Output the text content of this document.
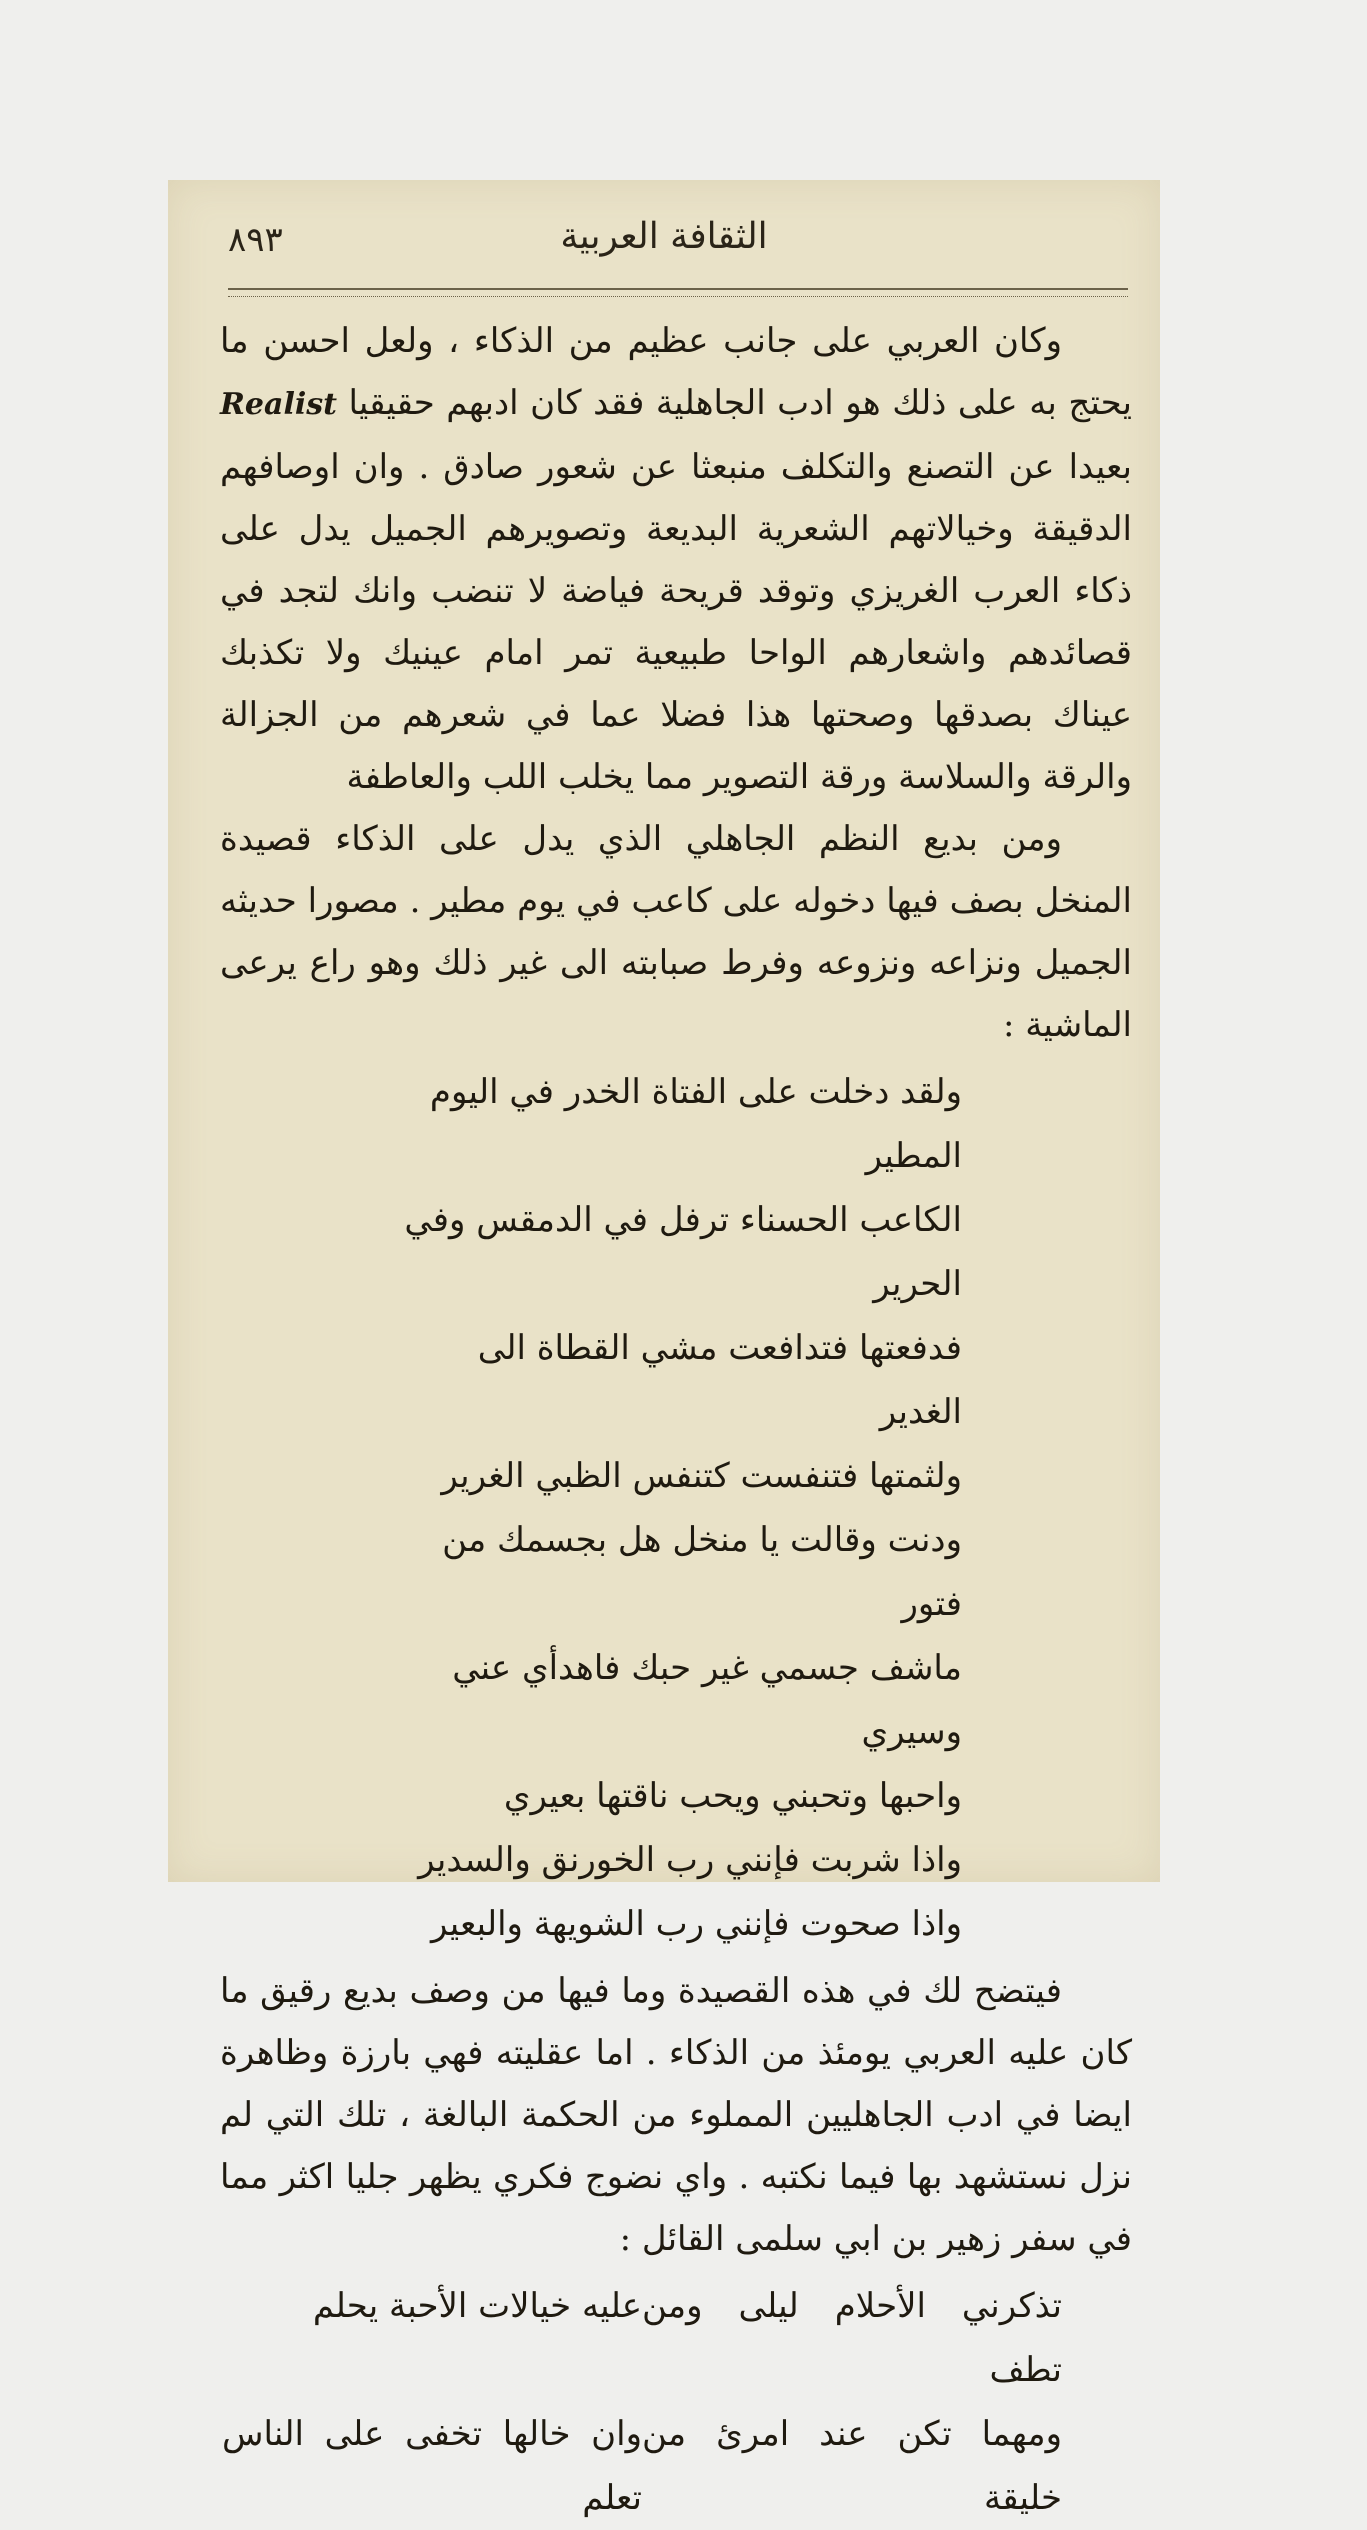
الثقافة العربية
٨٩٣

وكان العربي على جانب عظيم من الذكاء ، ولعل احسن ما يحتج به على ذلك هو ادب الجاهلية فقد كان ادبهم حقيقيا Realist بعيدا عن التصنع والتكلف منبعثا عن شعور صادق . وان اوصافهم الدقيقة وخيالاتهم الشعرية البديعة وتصويرهم الجميل يدل على ذكاء العرب الغريزي وتوقد قريحة فياضة لا تنضب وانك لتجد في قصائدهم واشعارهم الواحا طبيعية تمر امام عينيك ولا تكذبك عيناك بصدقها وصحتها هذا فضلا عما في شعرهم من الجزالة والرقة والسلاسة ورقة التصوير مما يخلب اللب والعاطفة

ومن بديع النظم الجاهلي الذي يدل على الذكاء قصيدة المنخل بصف فيها دخوله على كاعب في يوم مطير . مصورا حديثه الجميل ونزاعه ونزوعه وفرط صبابته الى غير ذلك وهو راع يرعى الماشية :

ولقد دخلت على الفتاة الخدر في اليوم المطير
الكاعب الحسناء ترفل في الدمقس وفي الحرير
فدفعتها فتدافعت مشي القطاة الى الغدير
ولثمتها فتنفست كتنفس الظبي الغرير
ودنت وقالت يا منخل هل بجسمك من فتور
ماشف جسمي غير حبك فاهدأي عني وسيري
واحبها وتحبني ويحب ناقتها بعيري
واذا شربت فإنني رب الخورنق والسدير
واذا صحوت فإنني رب الشويهة والبعير

فيتضح لك في هذه القصيدة وما فيها من وصف بديع رقيق ما كان عليه العربي يومئذ من الذكاء . اما عقليته فهي بارزة وظاهرة ايضا في ادب الجاهليين المملوء من الحكمة البالغة ، تلك التي لم نزل نستشهد بها فيما نكتبه . واي نضوج فكري يظهر جليا اكثر مما في سفر زهير بن ابي سلمى القائل :

تذكرني الأحلام ليلى ومن تطف
عليه خيالات الأحبة يحلم
ومهما تكن عند امرئ من خليقة
وان خالها تخفى على الناس تعلم
